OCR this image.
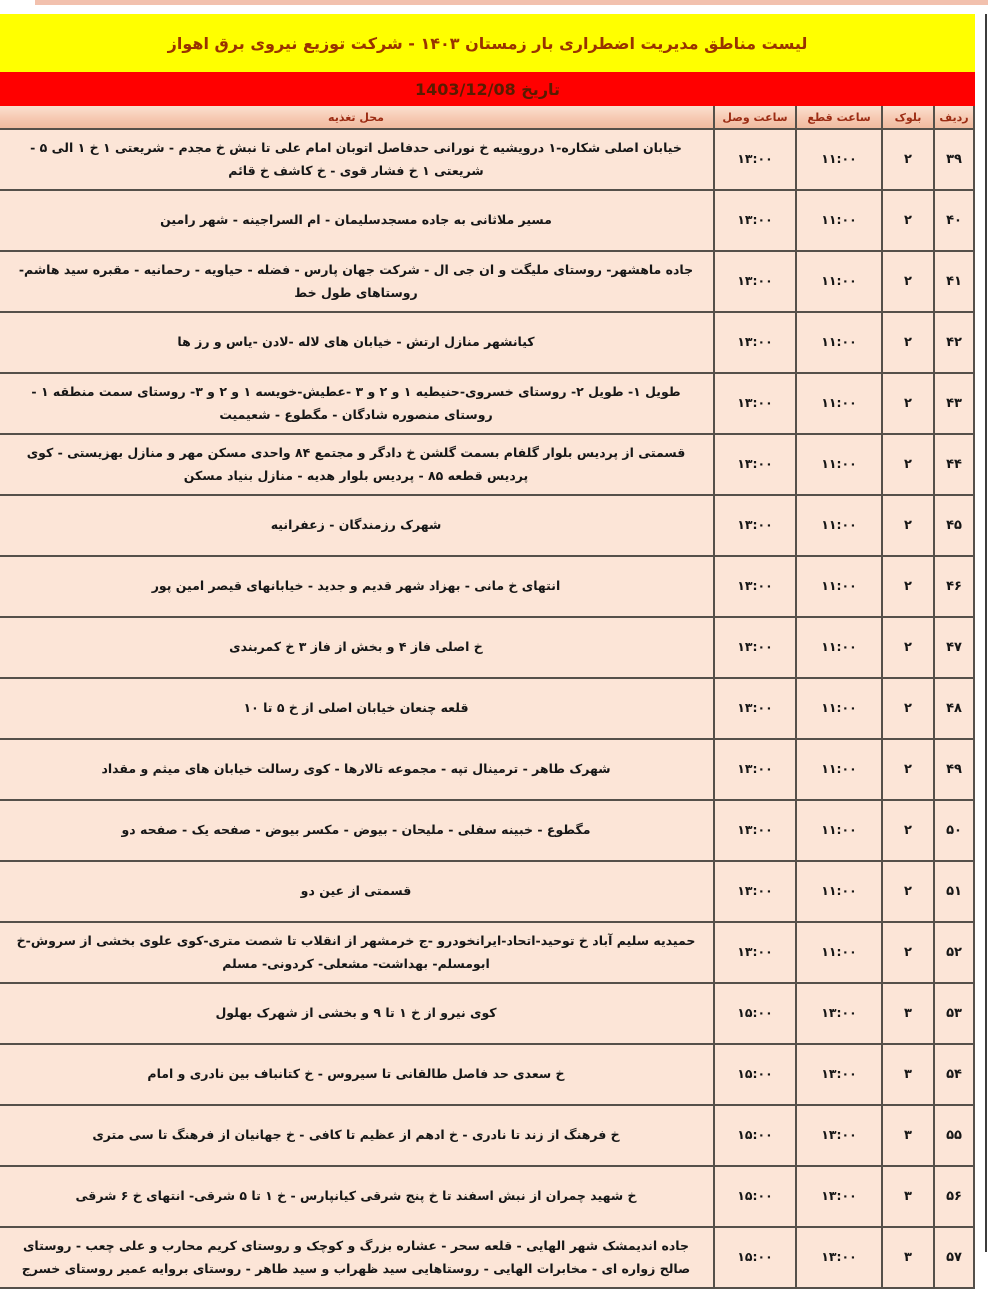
لیست مناطق مدیریت اضطراری بار زمستان ۱۴۰۳ - شرکت توزیع نیروی برق اهواز
تاریخ 1403/12/08
ردیف	بلوک	ساعت قطع	ساعت وصل	محل تغذیه
۳۹	۲	۱۱:۰۰	۱۳:۰۰	خیابان اصلی شکاره-۱ درویشیه خ نورانی حدفاصل اتوبان امام علی تا نبش خ مجدم - شریعتی ۱ خ ۱ الی ۵ - شریعتی ۱ خ فشار قوی - خ کاشف خ قائم
۴۰	۲	۱۱:۰۰	۱۳:۰۰	مسیر ملاثانی به جاده مسجدسلیمان - ام السراجینه - شهر رامین
۴۱	۲	۱۱:۰۰	۱۳:۰۰	جاده ماهشهر- روستای ملیگت و ان جی ال - شرکت جهان پارس - فضله - حیاویه - رحمانیه - مقبره سید هاشم- روستاهای طول خط
۴۲	۲	۱۱:۰۰	۱۳:۰۰	کیانشهر منازل ارتش - خیابان های لاله -لادن -یاس و رز ها
۴۳	۲	۱۱:۰۰	۱۳:۰۰	طویل ۱- طویل ۲- روستای خسروی-حنیطیه ۱ و ۲ و ۳ -عطیش-خویسه ۱ و ۲ و ۳- روستای سمت منطقه ۱ - روستای منصوره شادگان - مگطوع - شعیمیت
۴۴	۲	۱۱:۰۰	۱۳:۰۰	قسمتی از پردیس بلوار گلفام بسمت گلشن خ دادگر و مجتمع ۸۴ واحدی مسکن مهر و منازل بهزیستی - کوی پردیس قطعه ۸۵ - پردیس بلوار هدیه - منازل بنیاد مسکن
۴۵	۲	۱۱:۰۰	۱۳:۰۰	شهرک رزمندگان - زعفرانیه
۴۶	۲	۱۱:۰۰	۱۳:۰۰	انتهای خ مانی - بهزاد شهر قدیم و جدید - خیابانهای قیصر امین پور
۴۷	۲	۱۱:۰۰	۱۳:۰۰	خ اصلی فاز ۴ و بخش از فاز ۳ خ کمربندی
۴۸	۲	۱۱:۰۰	۱۳:۰۰	قلعه چنعان خیابان اصلی از خ ۵ تا ۱۰
۴۹	۲	۱۱:۰۰	۱۳:۰۰	شهرک طاهر - ترمینال تپه - مجموعه تالارها - کوی رسالت خیابان های میثم و مقداد
۵۰	۲	۱۱:۰۰	۱۳:۰۰	مگطوع - خبینه سفلی - ملیحان - بیوض - مکسر بیوض - صفحه یک - صفحه دو
۵۱	۲	۱۱:۰۰	۱۳:۰۰	قسمتی از عین دو
۵۲	۲	۱۱:۰۰	۱۳:۰۰	حمیدیه سلیم آباد خ توحید-اتحاد-ایرانخودرو -ج خرمشهر از انقلاب تا شصت متری-کوی علوی بخشی از سروش-خ ابومسلم- بهداشت- مشعلی- کردونی- مسلم
۵۳	۳	۱۳:۰۰	۱۵:۰۰	کوی نیرو از خ ۱ تا ۹ و بخشی از شهرک بهلول
۵۴	۳	۱۳:۰۰	۱۵:۰۰	خ سعدی حد فاصل طالقانی تا سیروس - خ کتانباف بین نادری و امام
۵۵	۳	۱۳:۰۰	۱۵:۰۰	خ فرهنگ از زند تا نادری - خ ادهم از عظیم تا کافی - خ جهانیان از فرهنگ تا سی متری
۵۶	۳	۱۳:۰۰	۱۵:۰۰	خ شهید چمران از نبش اسفند تا خ پنج شرقی کیانپارس - خ ۱ تا ۵ شرقی- انتهای خ ۶ شرقی
۵۷	۳	۱۳:۰۰	۱۵:۰۰	جاده اندیمشک شهر الهایی - قلعه سحر - عشاره بزرگ و کوچک و روستای کریم محارب و علی چعب - روستای صالح زواره ای - مخابرات الهایی - روستاهایی سید ظهراب و سید طاهر - روستای بروایه عمیر روستای خسرج
